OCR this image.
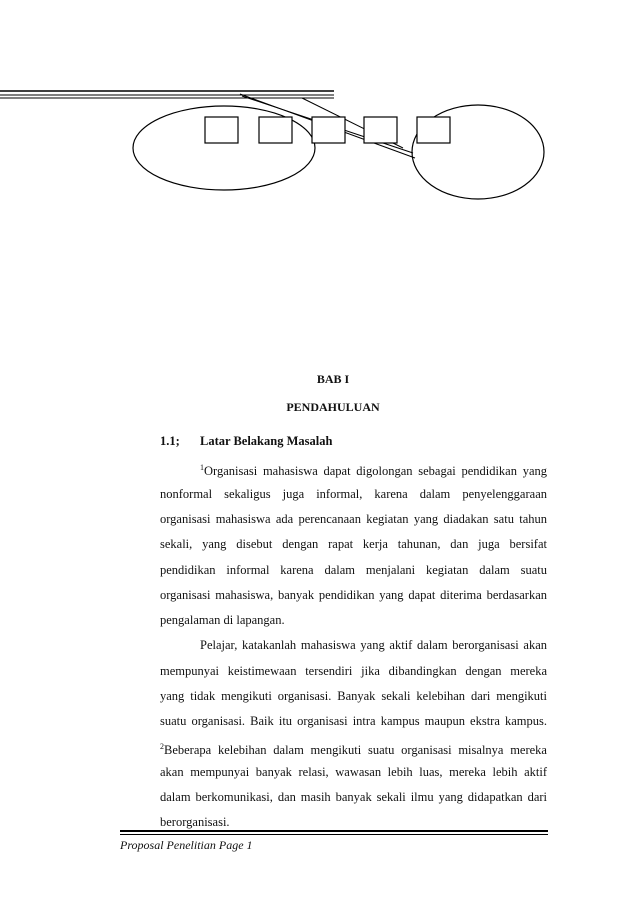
BAB I
PENDAHULUAN
1.1; Latar Belakang Masalah
$^1$Organisasi mahasiswa dapat digolongan sebagai pendidikan yang
nonformal sekaligus juga informal, karena dalam penyelenggaraan
organisasi mahasiswa ada perencanaan kegiatan yang diadakan satu tahun
sekali, yang disebut dengan rapat kerja tahunan, dan juga bersifat
pendidikan informal karena dalam menjalani kegiatan dalam suatu
organisasi mahasiswa, banyak pendidikan yang dapat diterima berdasarkan
pengalaman di lapangan.
Pelajar, katakanlah mahasiswa yang aktif dalam berorganisasi akan
mempunyai keistimewaan tersendiri jika dibandingkan dengan mereka
yang tidak mengikuti organisasi. Banyak sekali kelebihan dari mengikuti
suatu organisasi. Baik itu organisasi intra kampus maupun ekstra kampus.
$^2$Beberapa kelebihan dalam mengikuti suatu organisasi misalnya mereka
akan mempunyai banyak relasi, wawasan lebih luas, mereka lebih aktif
dalam berkomunikasi, dan masih banyak sekali ilmu yang didapatkan dari
berorganisasi.
Proposal Penelitian Page 1
